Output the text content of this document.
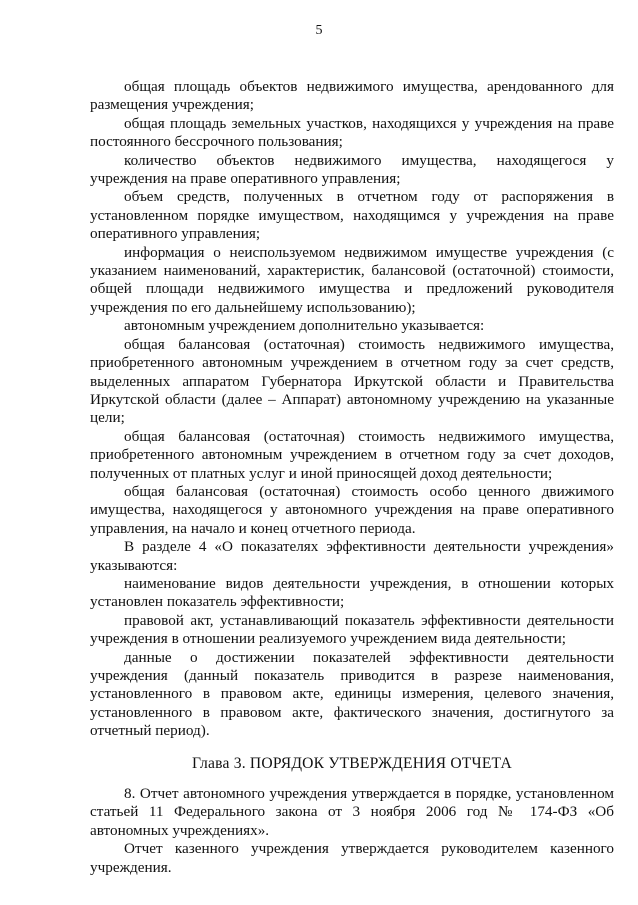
5

общая площадь объектов недвижимого имущества, арендованного для размещения учреждения;

общая площадь земельных участков, находящихся у учреждения на праве постоянного бессрочного пользования;

количество объектов недвижимого имущества, находящегося у учреждения на праве оперативного управления;

объем средств, полученных в отчетном году от распоряжения в установленном порядке имуществом, находящимся у учреждения на праве оперативного управления;

информация о неиспользуемом недвижимом имуществе учреждения (с указанием наименований, характеристик, балансовой (остаточной) стоимости, общей площади недвижимого имущества и предложений руководителя учреждения по его дальнейшему использованию);

автономным учреждением дополнительно указывается:

общая балансовая (остаточная) стоимость недвижимого имущества, приобретенного автономным учреждением в отчетном году за счет средств, выделенных аппаратом Губернатора Иркутской области и Правительства Иркутской области (далее – Аппарат) автономному учреждению на указанные цели;

общая балансовая (остаточная) стоимость недвижимого имущества, приобретенного автономным учреждением в отчетном году за счет доходов, полученных от платных услуг и иной приносящей доход деятельности;

общая балансовая (остаточная) стоимость особо ценного движимого имущества, находящегося у автономного учреждения на праве оперативного управления, на начало и конец отчетного периода.

В разделе 4 «О показателях эффективности деятельности учреждения» указываются:

наименование видов деятельности учреждения, в отношении которых установлен показатель эффективности;

правовой акт, устанавливающий показатель эффективности деятельности учреждения в отношении реализуемого учреждением вида деятельности;

данные о достижении показателей эффективности деятельности учреждения (данный показатель приводится в разрезе наименования, установленного в правовом акте, единицы измерения, целевого значения, установленного в правовом акте, фактического значения, достигнутого за отчетный период).

Глава 3. ПОРЯДОК УТВЕРЖДЕНИЯ ОТЧЕТА

8. Отчет автономного учреждения утверждается в порядке, установленном статьей 11 Федерального закона от 3 ноября 2006 год № 174-ФЗ «Об автономных учреждениях».

Отчет казенного учреждения утверждается руководителем казенного учреждения.
